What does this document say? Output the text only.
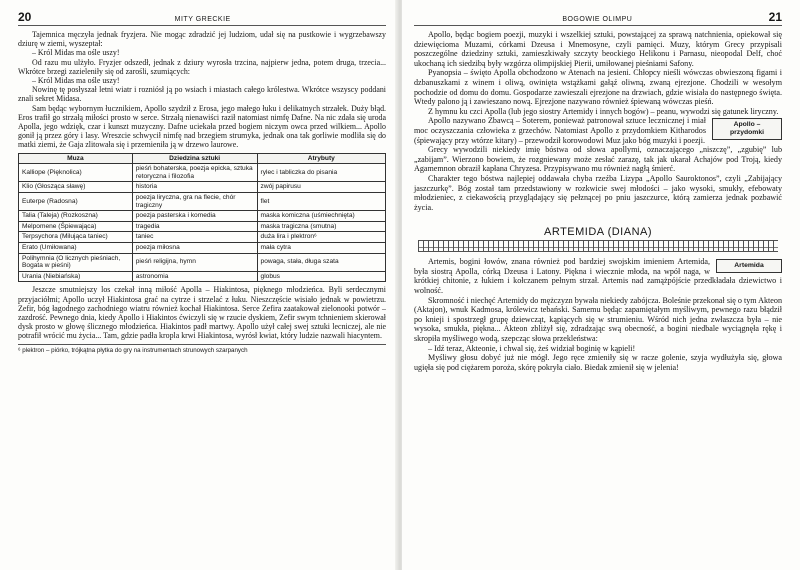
20	MITY GRECKIE

Tajemnica męczyła jednak fryzjera. Nie mogąc zdradzić jej ludziom, udał się na pustkowie i wygrzebawszy dziurę w ziemi, wyszeptał:

– Król Midas ma ośle uszy!

Od razu mu ulżyło. Fryzjer odszedł, jednak z dziury wyrosła trzcina, najpierw jedna, potem druga, trzecia... Wkrótce brzegi zazieleniły się od zarośli, szumiących:

– Król Midas ma ośle uszy!

Nowinę tę posłyszał letni wiatr i rozniósł ją po wsiach i miastach całego królestwa. Wkrótce wszyscy poddani znali sekret Midasa.

Sam będąc wybornym łucznikiem, Apollo szydził z Erosa, jego małego łuku i delikatnych strzałek. Duży błąd. Eros trafił go strzałą miłości prosto w serce. Strzałą nienawiści raził natomiast nimfę Dafne. Na nic zdała się uroda Apolla, jego wdzięk, czar i kunszt muzyczny. Dafne uciekała przed bogiem niczym owca przed wilkiem... Apollo gonił ją przez góry i lasy. Wreszcie schwycił nimfę nad brzegiem strumyka, jednak ona tak gorliwie modliła się do matki ziemi, że Gaja zlitowała się i przemieniła ją w drzewo laurowe.

Muza	Dziedzina sztuki	Atrybuty
Kalliope (Pięknolica)	pieśń bohaterska, poezja epicka, sztuka retoryczna i filozofia	rylec i tabliczka do pisania
Klio (Głosząca sławę)	historia	zwój papirusu
Euterpe (Radosna)	poezja liryczna, gra na flecie, chór tragiczny	flet
Talia (Taleja) (Rozkoszna)	poezja pasterska i komedia	maska komiczna (uśmiechnięta)
Melpomene (Śpiewająca)	tragedia	maska tragiczna (smutna)
Terpsychora (Milująca taniec)	taniec	duża lira i plektron⁶
Erato (Umiłowana)	poezja miłosna	mała cytra
Polihymnia (O licznych pieśniach, Bogata w pieśni)	pieśń religijna, hymn	powaga, stała, długa szata
Urania (Niebiańska)	astronomia	globus

Jeszcze smutniejszy los czekał inną miłość Apolla – Hiakintosa, pięknego młodzieńca. Byli serdecznymi przyjaciółmi; Apollo uczył Hiakintosa grać na cytrze i strzelać z łuku. Nieszczęście wisiało jednak w powietrzu. Zefir, bóg łagodnego zachodniego wiatru również kochał Hiakintosa. Serce Zefira zaatakował zielonooki potwór – zazdrość. Pewnego dnia, kiedy Apollo i Hiakintos ćwiczyli się w rzucie dyskiem, Zefir swym tchnieniem skierował dysk prosto w głowę ślicznego młodzieńca. Hiakintos padł martwy. Apollo użył całej swej sztuki lecniczej, ale nie potrafił wrócić mu życia... Tam, gdzie padła kropla krwi Hiakintosa, wyrósł kwiat, który ludzie nazwali hiacyntem.

⁶ plektron – piórko, trójkątna płytka do gry na instrumentach strunowych szarpanych
BOGOWIE OLIMPU	21

Apollo, będąc bogiem poezji, muzyki i wszelkiej sztuki, powstającej za sprawą natchnienia, opiekował się dziewięcioma Muzami, córkami Dzeusa i Mnemosyne, czyli pamięci. Muzy, którym Grecy przypisali poszczególne dziedziny sztuki, zamieszkiwały szczyty beockiego Helikonu i Parnasu, nieopodal Delf, choć ukochaną ich siedzibą były wzgórza olimpijskiej Pierii, umiłowanej pieśniami Safony.

Pyanopsia – święto Apolla obchodzono w Atenach na jesieni. Chłopcy nieśli wówczas obwieszoną figami i dzbanuszkami z winem i oliwą, owinięta wstążkami gałąź oliwną, zwaną ejrezjone. Chodzili w wesołym pochodzie od domu do domu. Gospodarze zawieszali ejrezjone na drzwiach, gdzie wisiała do następnego święta. Wtedy palono ją i zawieszano nową. Ejrezjone nazywano również śpiewaną wówczas pieśń.

Z hymnu ku czci Apolla (lub jego siostry Artemidy i innych bogów) – peanu, wywodzi się gatunek liryczny.

Apollo – przydomki

Apollo nazywano Zbawcą – Soterem, ponieważ patronował sztuce lecznicznej i miał moc oczyszczania człowieka z grzechów. Natomiast Apollo z przydomkiem Kitharodos (śpiewający przy wtórze kitary) – przewodził korowodowi Muz jako bóg muzyki i poezji.

Grecy wywodzili niekiedy imię bóstwa od słowa apollymi, oznaczającego „niszczę”, „zgubię” lub „zabijam”. Wierzono bowiem, że rozgniewany może zesłać zarazę, tak jak ukarał Achajów pod Troją, kiedy Agamemnon obraził kapłana Chryzesa. Przypisywano mu również nagłą śmierć.

Charakter tego bóstwa najlepiej oddawała chyba rzeźba Lizypa „Apollo Sauroktonos”, czyli „Zabijający jaszczurkę”. Bóg został tam przedstawiony w rozkwicie swej młodości – jako wysoki, smukły, efebowaty młodzieniec, z ciekawością przyglądający się pełznącej po pniu jaszczurce, którą zamierza jednak pozbawić życia.

ARTEMIDA (DIANA)
Artemida

Artemis, bogini łowów, znana również pod bardziej swojskim imieniem Artemida, była siostrą Apolla, córką Dzeusa i Latony. Piękna i wiecznie młoda, na wpół naga, w krótkiej chitonie, z łukiem i kołczanem pełnym strzał. Artemis nad zamążpójście przedkładała dziewictwo i wolność.

Skromność i niechęć Artemidy do mężczyzn bywała niekiedy zabójcza. Boleśnie przekonał się o tym Akteon (Aktajon), wnuk Kadmosa, królewicz tebański. Samemu będąc zapamiętałym myśliwym, pewnego razu błądził po knieji i spostrzegł grupę dziewcząt, kąpiących się w strumieniu. Wśród nich jedna zwłaszcza była – nie wysoka, smukła, piękna... Akteon zbliżył się, zdradzając swą obecność, a bogini niedbale wyciągnęła rękę i skropiła myśliwego wodą, szepcząc słowa przekleństwa:

– Idź teraz, Akteonie, i chwal się, żeś widział boginię w kąpieli!

Myśliwy głosu dobyć już nie mógł. Jego ręce zmieniły się w racze golenie, szyja wydłużyła się, głowa ugięła się pod ciężarem poroża, skórę pokryła ciało. Biedak zmienił się w jelenia!
